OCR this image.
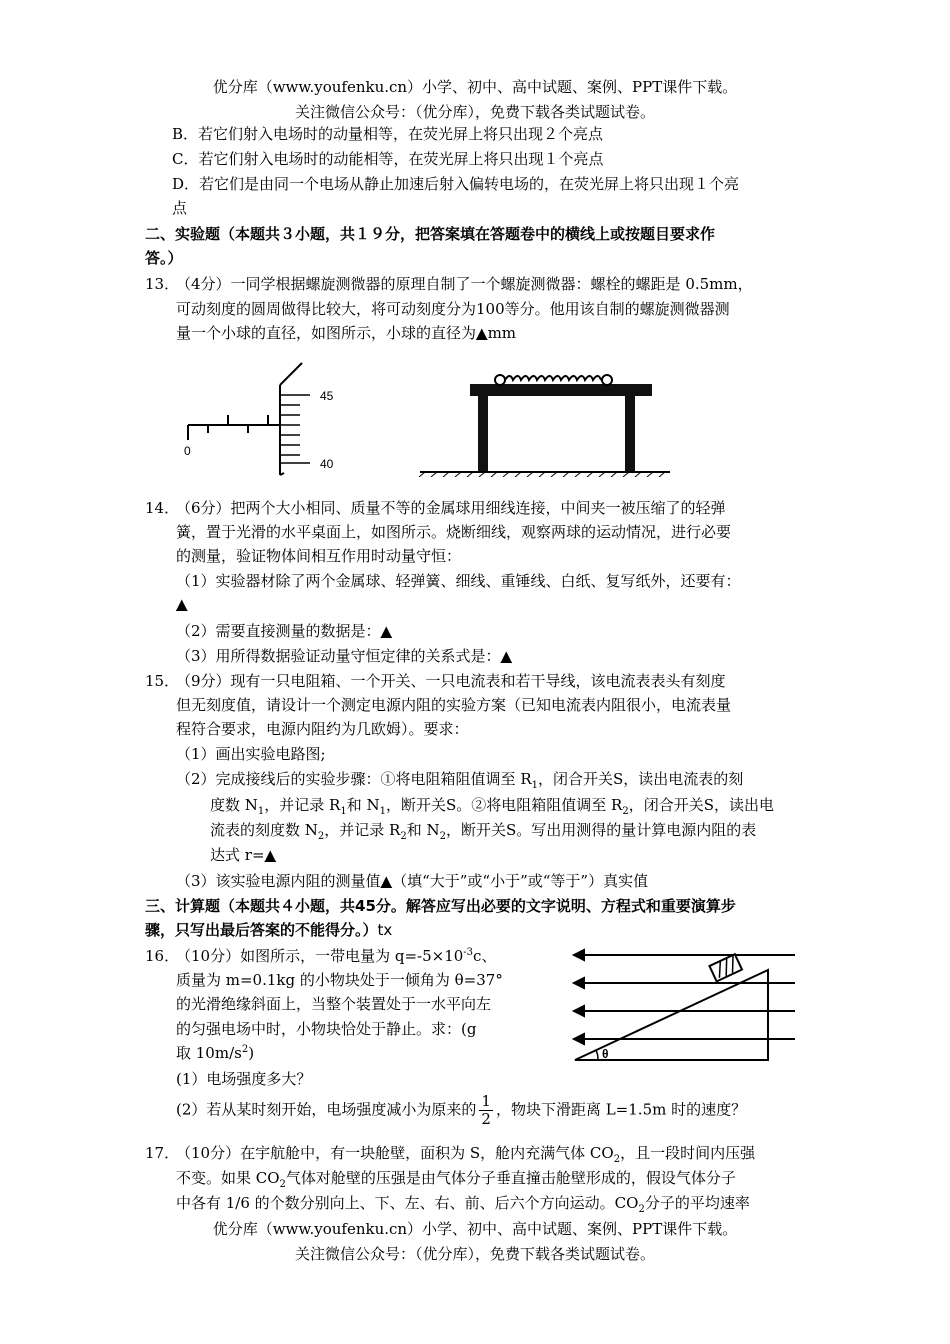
优分库（www.youfenku.cn）小学、初中、高中试题、案例、PPT课件下载。
关注微信公众号：（优分库），免费下载各类试题试卷。
B．若它们射入电场时的动量相等，在荧光屏上将只出现２个亮点
C．若它们射入电场时的动能相等，在荧光屏上将只出现１个亮点
D．若它们是由同一个电场从静止加速后射入偏转电场的，在荧光屏上将只出现１个亮
点
二、实验题（本题共３小题，共１９分，把答案填在答题卷中的横线上或按题目要求作
答。）
13．
（4分）一同学根据螺旋测微器的原理自制了一个螺旋测微器：螺栓的螺距是 0.5mm，
可动刻度的圆周做得比较大，将可动刻度分为100等分。他用该自制的螺旋测微器测
量一个小球的直径，如图所示，小球的直径为▲mm
45
40
0
14．
（6分）把两个大小相同、质量不等的金属球用细线连接，中间夹一被压缩了的轻弹
簧，置于光滑的水平桌面上，如图所示。烧断细线，观察两球的运动情况，进行必要
的测量，验证物体间相互作用时动量守恒：
（1）实验器材除了两个金属球、轻弹簧、细线、重锤线、白纸、复写纸外，还要有：
▲
（2）需要直接测量的数据是：▲
（3）用所得数据验证动量守恒定律的关系式是：▲
15．
（9分）现有一只电阻箱、一个开关、一只电流表和若干导线，该电流表表头有刻度
但无刻度值，请设计一个测定电源内阻的实验方案（已知电流表内阻很小，电流表量
程符合要求，电源内阻约为几欧姆）。要求：
（1）画出实验电路图;
（2）完成接线后的实验步骤：①将电阻箱阻值调至 $R_1$，闭合开关S，读出电流表的刻
度数 $N_1$，并记录 $R_1$和 $N_1$，断开关S。②将电阻箱阻值调至 $R_2$，闭合开关S，读出电
流表的刻度数 $N_2$，并记录 $R_2$和 $N_2$，断开关S。写出用测得的量计算电源内阻的表
达式 r=▲
（3）该实验电源内阻的测量值▲（填“大于”或“小于”或“等于”）真实值
三、计算题（本题共４小题，共45分。解答应写出必要的文字说明、方程式和重要演算步
骤，只写出最后答案的不能得分。）tx
16．
（10分）如图所示，一带电量为 $q=-5\times 10^{-3}c$、
质量为 m=0.1kg 的小物块处于一倾角为 θ=37°
的光滑绝缘斜面上，当整个装置处于一水平向左
的匀强电场中时，小物块恰处于静止。求：(g
取 $10m/s^2$)
(1）电场强度多大？
(2）若从某时刻开始，电场强度减小为原来的 $\frac{1}{2}$ ，物块下滑距离 L=1.5m 时的速度？
θ
17．
（10分）在宇航舱中，有一块舱壁，面积为 S，舱内充满气体 $CO_2$，且一段时间内压强
不变。如果 $CO_2$气体对舱壁的压强是由气体分子垂直撞击舱壁形成的，假设气体分子
中各有 1/6 的个数分别向上、下、左、右、前、后六个方向运动。$CO_2$分子的平均速率
优分库（www.youfenku.cn）小学、初中、高中试题、案例、PPT课件下载。
关注微信公众号：（优分库），免费下载各类试题试卷。
